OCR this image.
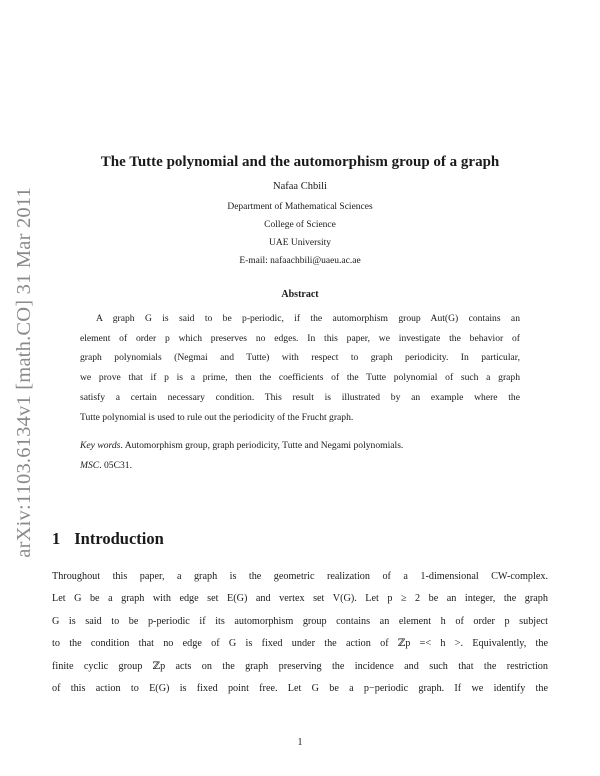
arXiv:1103.6134v1 [math.CO] 31 Mar 2011
The Tutte polynomial and the automorphism group of a graph

Nafaa Chbili

Department of Mathematical Sciences

College of Science

UAE University

E-mail: nafaachbili@uaeu.ac.ae

Abstract
A graph G is said to be p-periodic, if the automorphism group Aut(G) contains an
element of order p which preserves no edges. In this paper, we investigate the behavior of
graph polynomials (Negmai and Tutte) with respect to graph periodicity. In particular,
we prove that if p is a prime, then the coefficients of the Tutte polynomial of such a graph
satisfy a certain necessary condition. This result is illustrated by an example where the
Tutte polynomial is used to rule out the periodicity of the Frucht graph.

Key words. Automorphism group, graph periodicity, Tutte and Negami polynomials.

MSC. 05C31.

1 Introduction
Throughout this paper, a graph is the geometric realization of a 1-dimensional CW-complex.
Let G be a graph with edge set E(G) and vertex set V(G). Let p ≥ 2 be an integer, the graph
G is said to be p-periodic if its automorphism group contains an element h of order p subject
to the condition that no edge of G is fixed under the action of ℤp =< h >. Equivalently, the
finite cyclic group ℤp acts on the graph preserving the incidence and such that the restriction
of this action to E(G) is fixed point free. Let G be a p−periodic graph. If we identify the

1
